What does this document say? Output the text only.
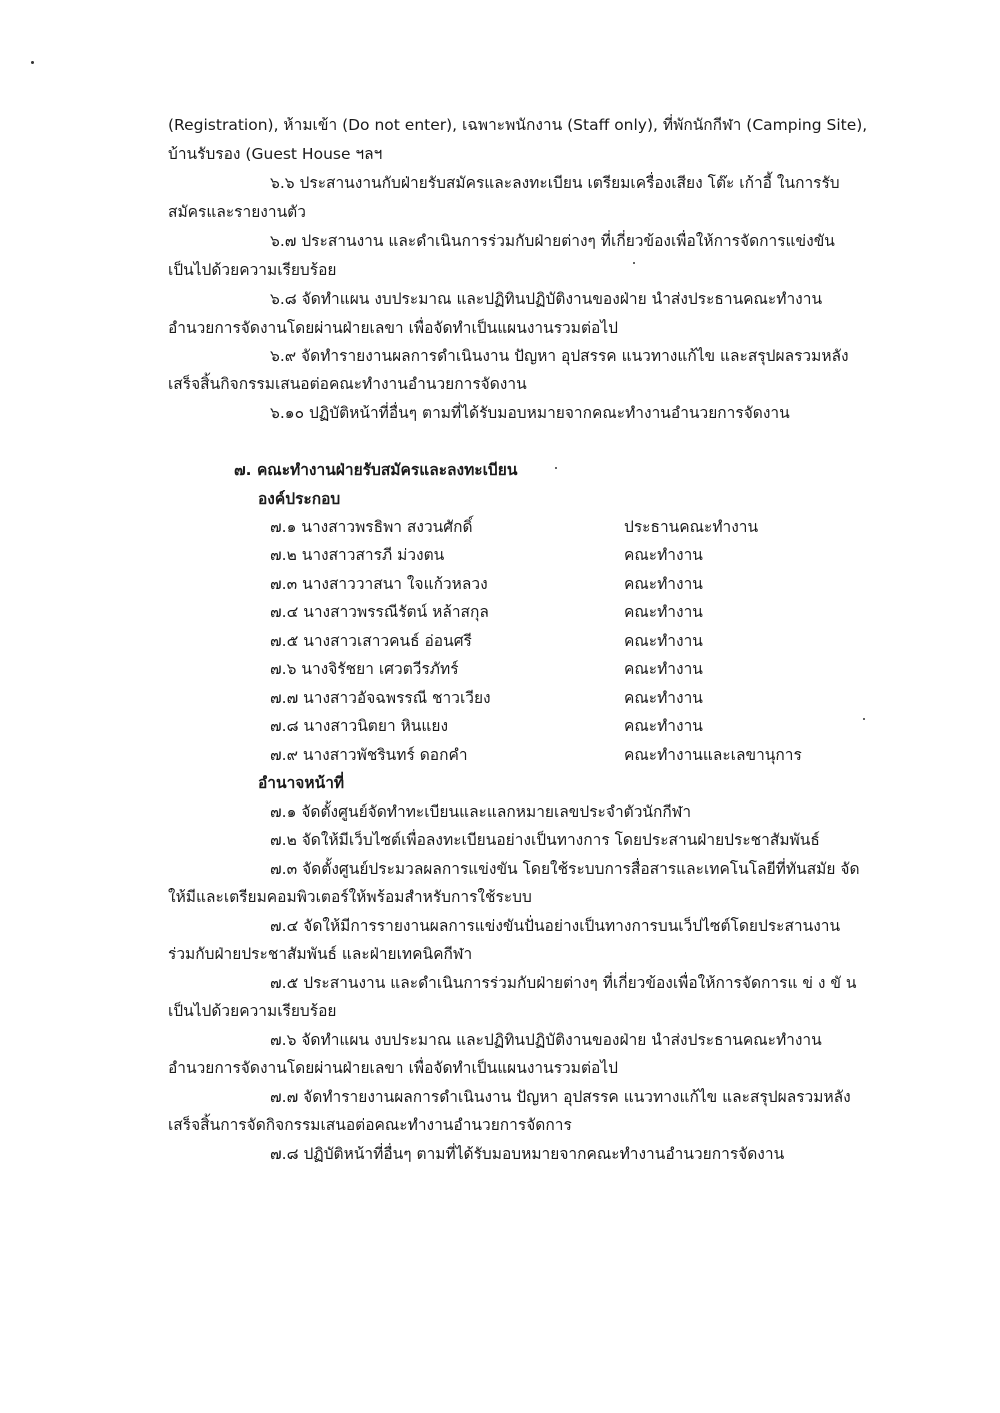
(Registration), ห้ามเข้า (Do not enter), เฉพาะพนักงาน (Staff only), ที่พักนักกีฬา (Camping Site),
บ้านรับรอง (Guest House ฯลฯ
๖.๖ ประสานงานกับฝ่ายรับสมัครและลงทะเบียน เตรียมเครื่องเสียง โต๊ะ เก้าอี้ ในการรับ
สมัครและรายงานตัว
๖.๗ ประสานงาน และดำเนินการร่วมกับฝ่ายต่างๆ ที่เกี่ยวข้องเพื่อให้การจัดการแข่งขัน
เป็นไปด้วยความเรียบร้อย
๖.๘ จัดทำแผน งบประมาณ และปฏิทินปฏิบัติงานของฝ่าย นำส่งประธานคณะทำงาน
อำนวยการจัดงานโดยผ่านฝ่ายเลขา เพื่อจัดทำเป็นแผนงานรวมต่อไป
๖.๙ จัดทำรายงานผลการดำเนินงาน ปัญหา อุปสรรค แนวทางแก้ไข และสรุปผลรวมหลัง
เสร็จสิ้นกิจกรรมเสนอต่อคณะทำงานอำนวยการจัดงาน
๖.๑๐ ปฏิบัติหน้าที่อื่นๆ ตามที่ได้รับมอบหมายจากคณะทำงานอำนวยการจัดงาน
๗. คณะทำงานฝ่ายรับสมัครและลงทะเบียน
องค์ประกอบ
๗.๑ นางสาวพรธิพา สงวนศักดิ์	ประธานคณะทำงาน
๗.๒ นางสาวสารภี ม่วงตน	คณะทำงาน
๗.๓ นางสาววาสนา ใจแก้วหลวง	คณะทำงาน
๗.๔ นางสาวพรรณีรัตน์ หล้าสกุล	คณะทำงาน
๗.๕ นางสาวเสาวคนธ์ อ่อนศรี	คณะทำงาน
๗.๖ นางจิรัชยา เศวตวีรภัทร์	คณะทำงาน
๗.๗ นางสาวอัจฉพรรณี ชาวเวียง	คณะทำงาน
๗.๘ นางสาวนิตยา หินแยง	คณะทำงาน
๗.๙ นางสาวพัชรินทร์ ดอกคำ	คณะทำงานและเลขานุการ
อำนาจหน้าที่
๗.๑ จัดตั้งศูนย์จัดทำทะเบียนและแลกหมายเลขประจำตัวนักกีฬา
๗.๒ จัดให้มีเว็บไซต์เพื่อลงทะเบียนอย่างเป็นทางการ โดยประสานฝ่ายประชาสัมพันธ์
๗.๓ จัดตั้งศูนย์ประมวลผลการแข่งขัน โดยใช้ระบบการสื่อสารและเทคโนโลยีที่ทันสมัย จัด
ให้มีและเตรียมคอมพิวเตอร์ให้พร้อมสำหรับการใช้ระบบ
๗.๔ จัดให้มีการรายงานผลการแข่งขันปั่นอย่างเป็นทางการบนเว็ปไซต์โดยประสานงาน
ร่วมกับฝ่ายประชาสัมพันธ์ และฝ่ายเทคนิคกีฬา
๗.๕ ประสานงาน และดำเนินการร่วมกับฝ่ายต่างๆ ที่เกี่ยวข้องเพื่อให้การจัดการแ ข่ ง ขั น
เป็นไปด้วยความเรียบร้อย
๗.๖ จัดทำแผน งบประมาณ และปฏิทินปฏิบัติงานของฝ่าย นำส่งประธานคณะทำงาน
อำนวยการจัดงานโดยผ่านฝ่ายเลขา เพื่อจัดทำเป็นแผนงานรวมต่อไป
๗.๗ จัดทำรายงานผลการดำเนินงาน ปัญหา อุปสรรค แนวทางแก้ไข และสรุปผลรวมหลัง
เสร็จสิ้นการจัดกิจกรรมเสนอต่อคณะทำงานอำนวยการจัดการ
๗.๘ ปฏิบัติหน้าที่อื่นๆ ตามที่ได้รับมอบหมายจากคณะทำงานอำนวยการจัดงาน
